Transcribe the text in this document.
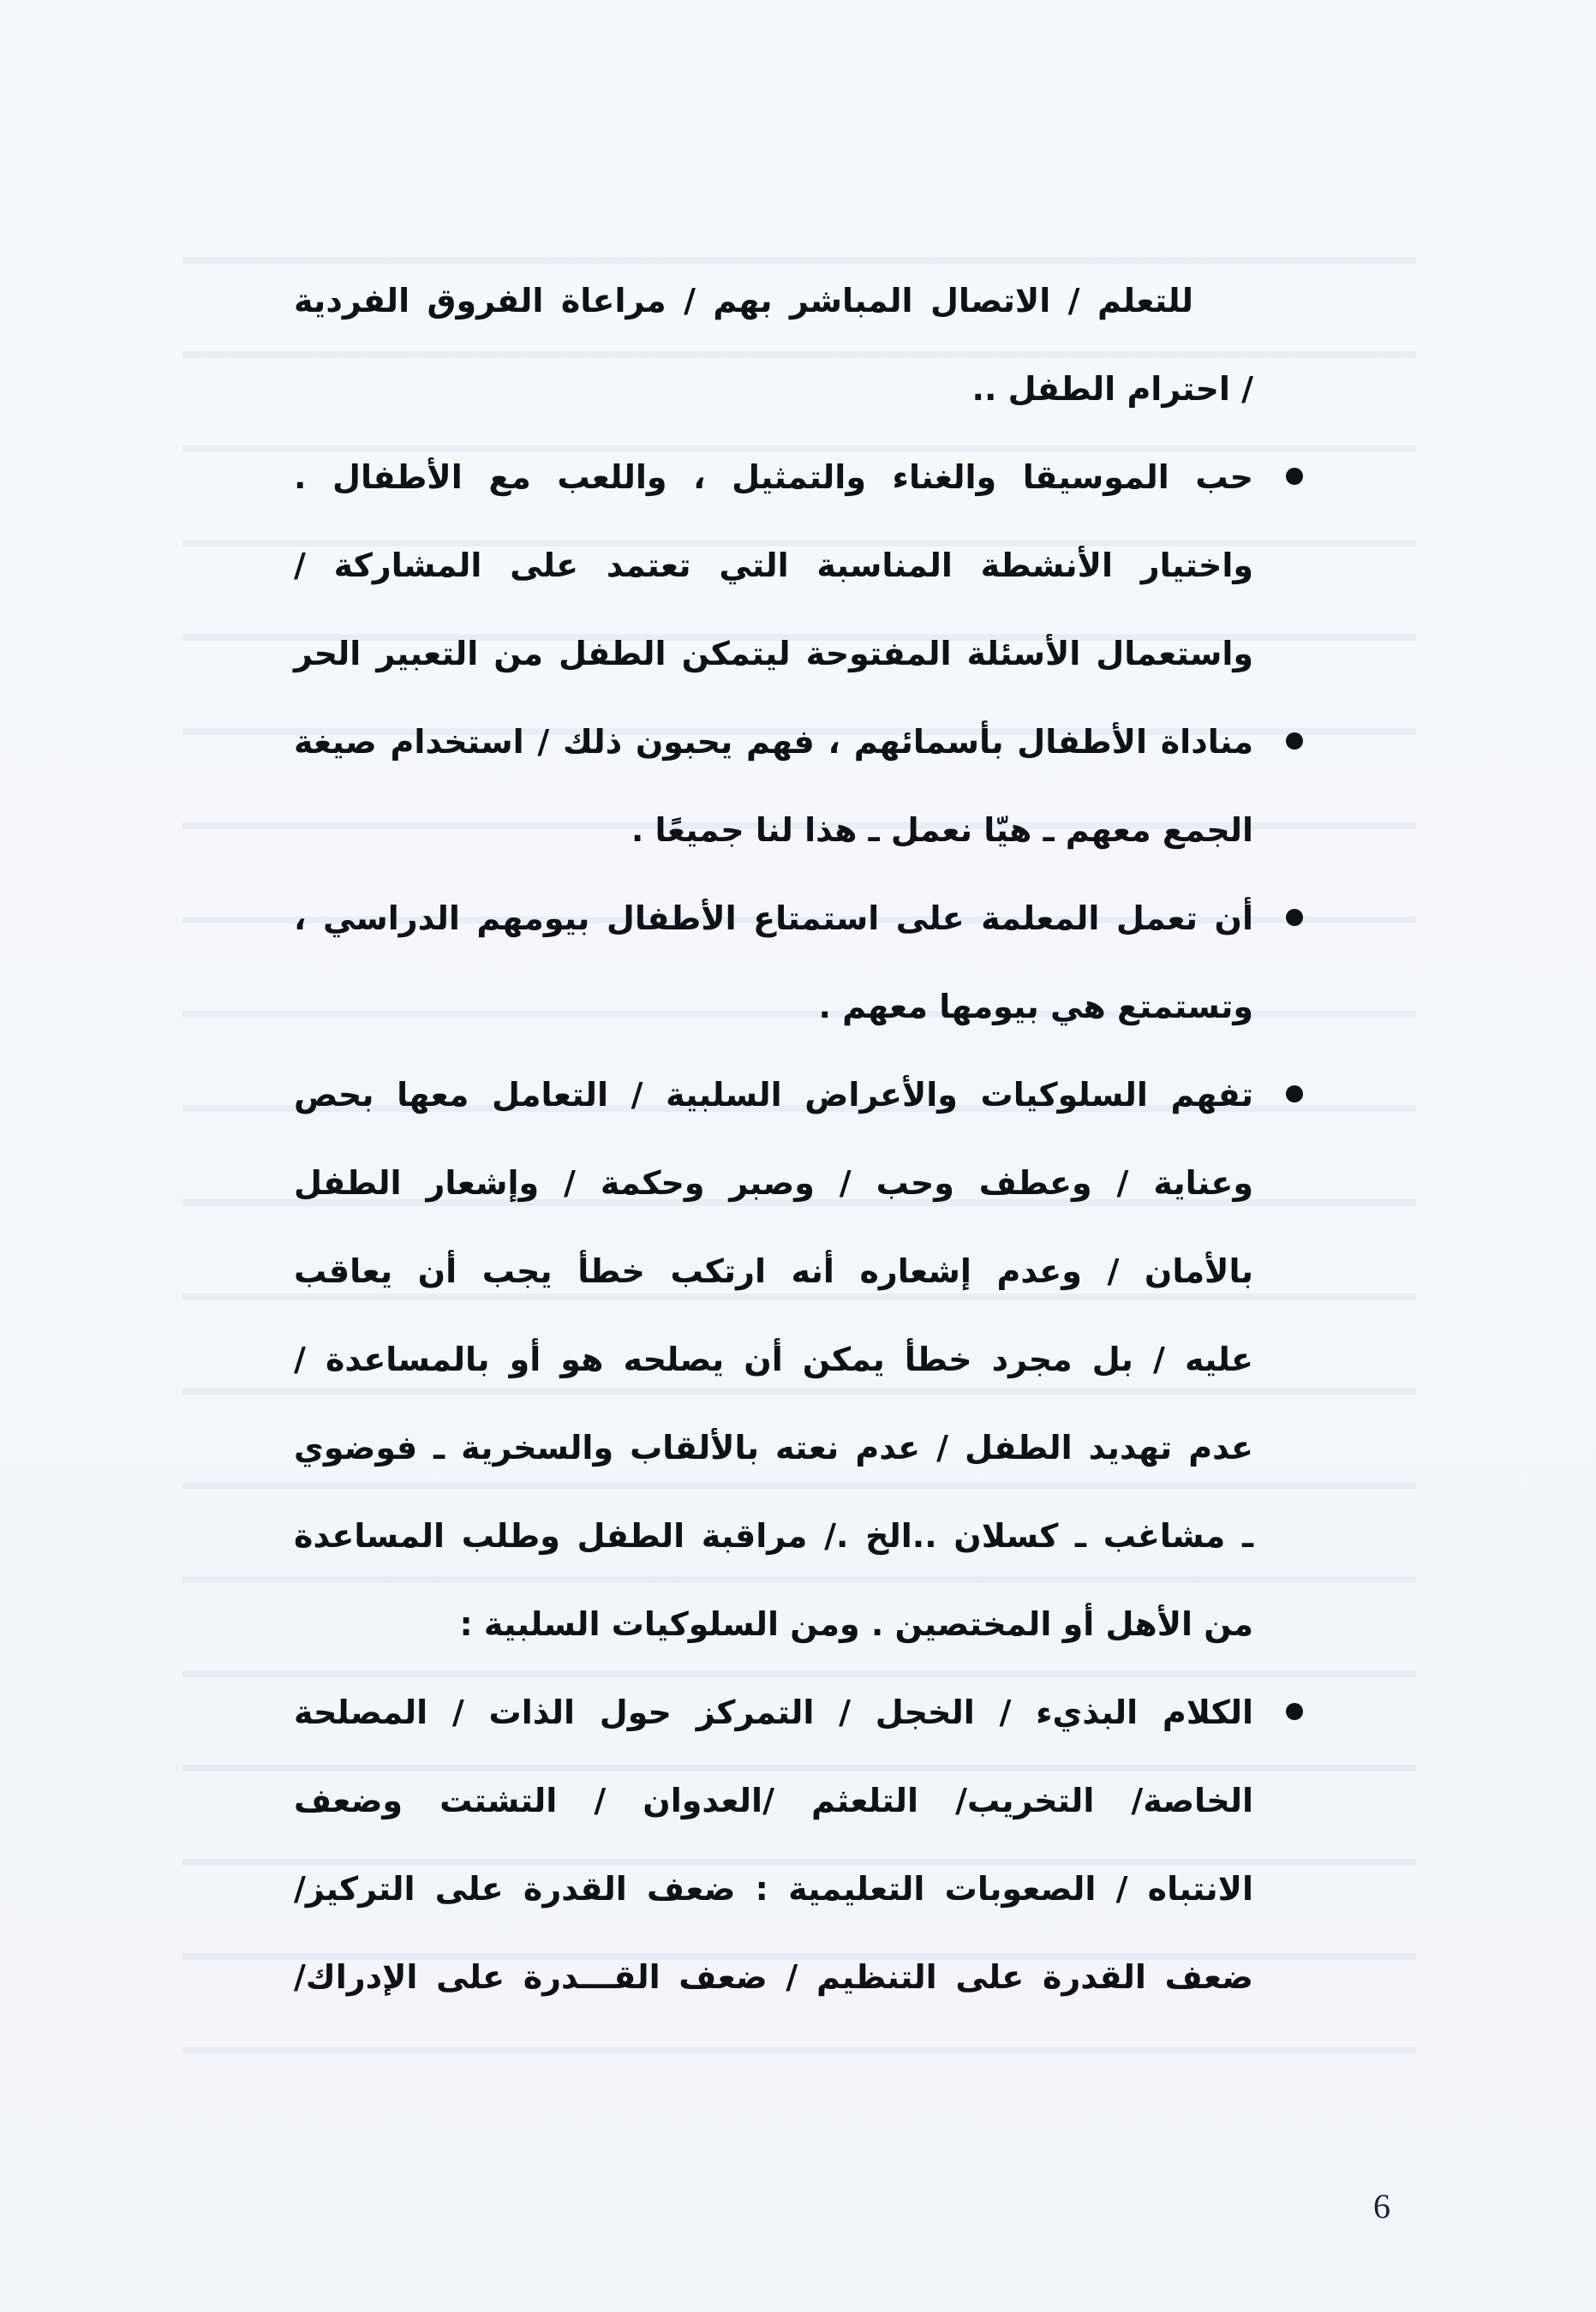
للتعلم / الاتصال المباشر بهم / مراعاة الفروق الفردية
/ احترام الطفل ..
حب الموسيقا والغناء والتمثيل ، واللعب مع الأطفال .
واختيار الأنشطة المناسبة التي تعتمد على المشاركة /
واستعمال الأسئلة المفتوحة ليتمكن الطفل من التعبير الحر
مناداة الأطفال بأسمائهم ، فهم يحبون ذلك / استخدام صيغة
الجمع معهم ـ هيّا نعمل ـ هذا لنا جميعًا .
أن تعمل المعلمة على استمتاع الأطفال بيومهم الدراسي ،
وتستمتع هي بيومها معهم .
تفهم السلوكيات والأعراض السلبية / التعامل معها بحص
وعناية / وعطف وحب / وصبر وحكمة / وإشعار الطفل
بالأمان / وعدم إشعاره أنه ارتكب خطأ يجب أن يعاقب
عليه / بل مجرد خطأ يمكن أن يصلحه هو أو بالمساعدة /
عدم تهديد الطفل / عدم نعته بالألقاب والسخرية ـ فوضوي
ـ مشاغب ـ كسلان ..الخ ./ مراقبة الطفل وطلب المساعدة
من الأهل أو المختصين . ومن السلوكيات السلبية :
الكلام البذيء / الخجل / التمركز حول الذات / المصلحة
الخاصة/ التخريب/ التلعثم /العدوان / التشتت وضعف
الانتباه / الصعوبات التعليمية : ضعف القدرة على التركيز/
ضعف القدرة على التنظيم / ضعف القـــدرة على الإدراك/
6
